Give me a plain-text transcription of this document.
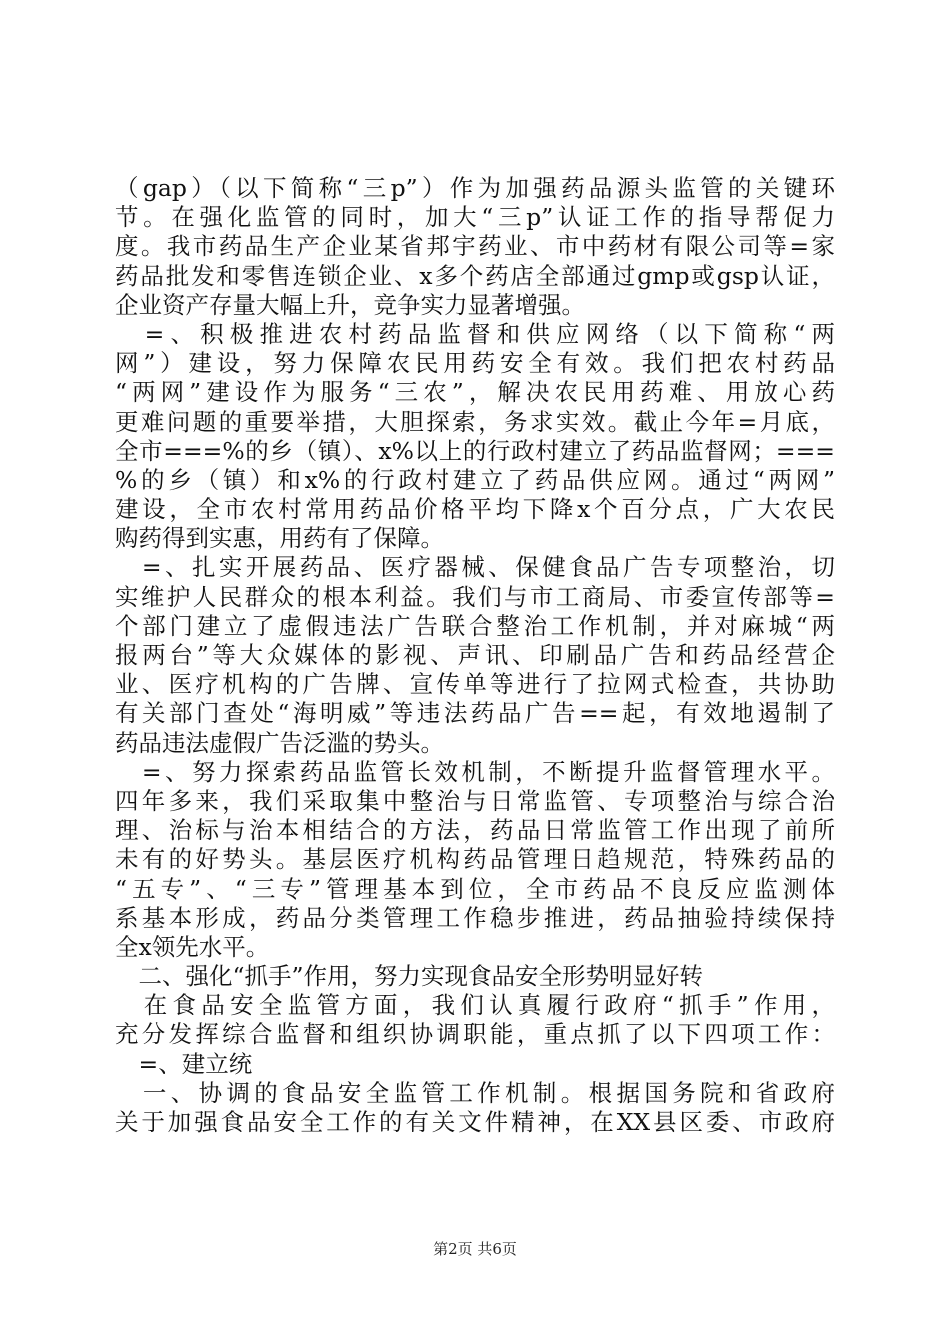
（gap）（以下简称“三p”）作为加强药品源头监管的关键环
节。在强化监管的同时，加大“三p”认证工作的指导帮促力
度。我市药品生产企业某省邦宇药业、市中药材有限公司等=家
药品批发和零售连锁企业、x多个药店全部通过gmp或gsp认证，
企业资产存量大幅上升，竞争实力显著增强。
　=、积极推进农村药品监督和供应网络（以下简称“两
网”）建设，努力保障农民用药安全有效。我们把农村药品
“两网”建设作为服务“三农”，解决农民用药难、用放心药
更难问题的重要举措，大胆探索，务求实效。截止今年=月底，
全市===%的乡（镇）、x%以上的行政村建立了药品监督网；===
%的乡（镇）和x%的行政村建立了药品供应网。通过“两网”
建设，全市农村常用药品价格平均下降x个百分点，广大农民
购药得到实惠，用药有了保障。
　=、扎实开展药品、医疗器械、保健食品广告专项整治，切
实维护人民群众的根本利益。我们与市工商局、市委宣传部等=
个部门建立了虚假违法广告联合整治工作机制，并对麻城“两
报两台”等大众媒体的影视、声讯、印刷品广告和药品经营企
业、医疗机构的广告牌、宣传单等进行了拉网式检查，共协助
有关部门查处“海明威”等违法药品广告==起，有效地遏制了
药品违法虚假广告泛滥的势头。
　=、努力探索药品监管长效机制，不断提升监督管理水平。
四年多来，我们采取集中整治与日常监管、专项整治与综合治
理、治标与治本相结合的方法，药品日常监管工作出现了前所
未有的好势头。基层医疗机构药品管理日趋规范，特殊药品的
“五专”、“三专”管理基本到位，全市药品不良反应监测体
系基本形成，药品分类管理工作稳步推进，药品抽验持续保持
全x领先水平。
　二、强化“抓手”作用，努力实现食品安全形势明显好转
　在食品安全监管方面，我们认真履行政府“抓手”作用，
充分发挥综合监督和组织协调职能，重点抓了以下四项工作：
　=、建立统
　一、协调的食品安全监管工作机制。根据国务院和省政府
关于加强食品安全工作的有关文件精神，在XX县区委、市政府
第2页 共6页
